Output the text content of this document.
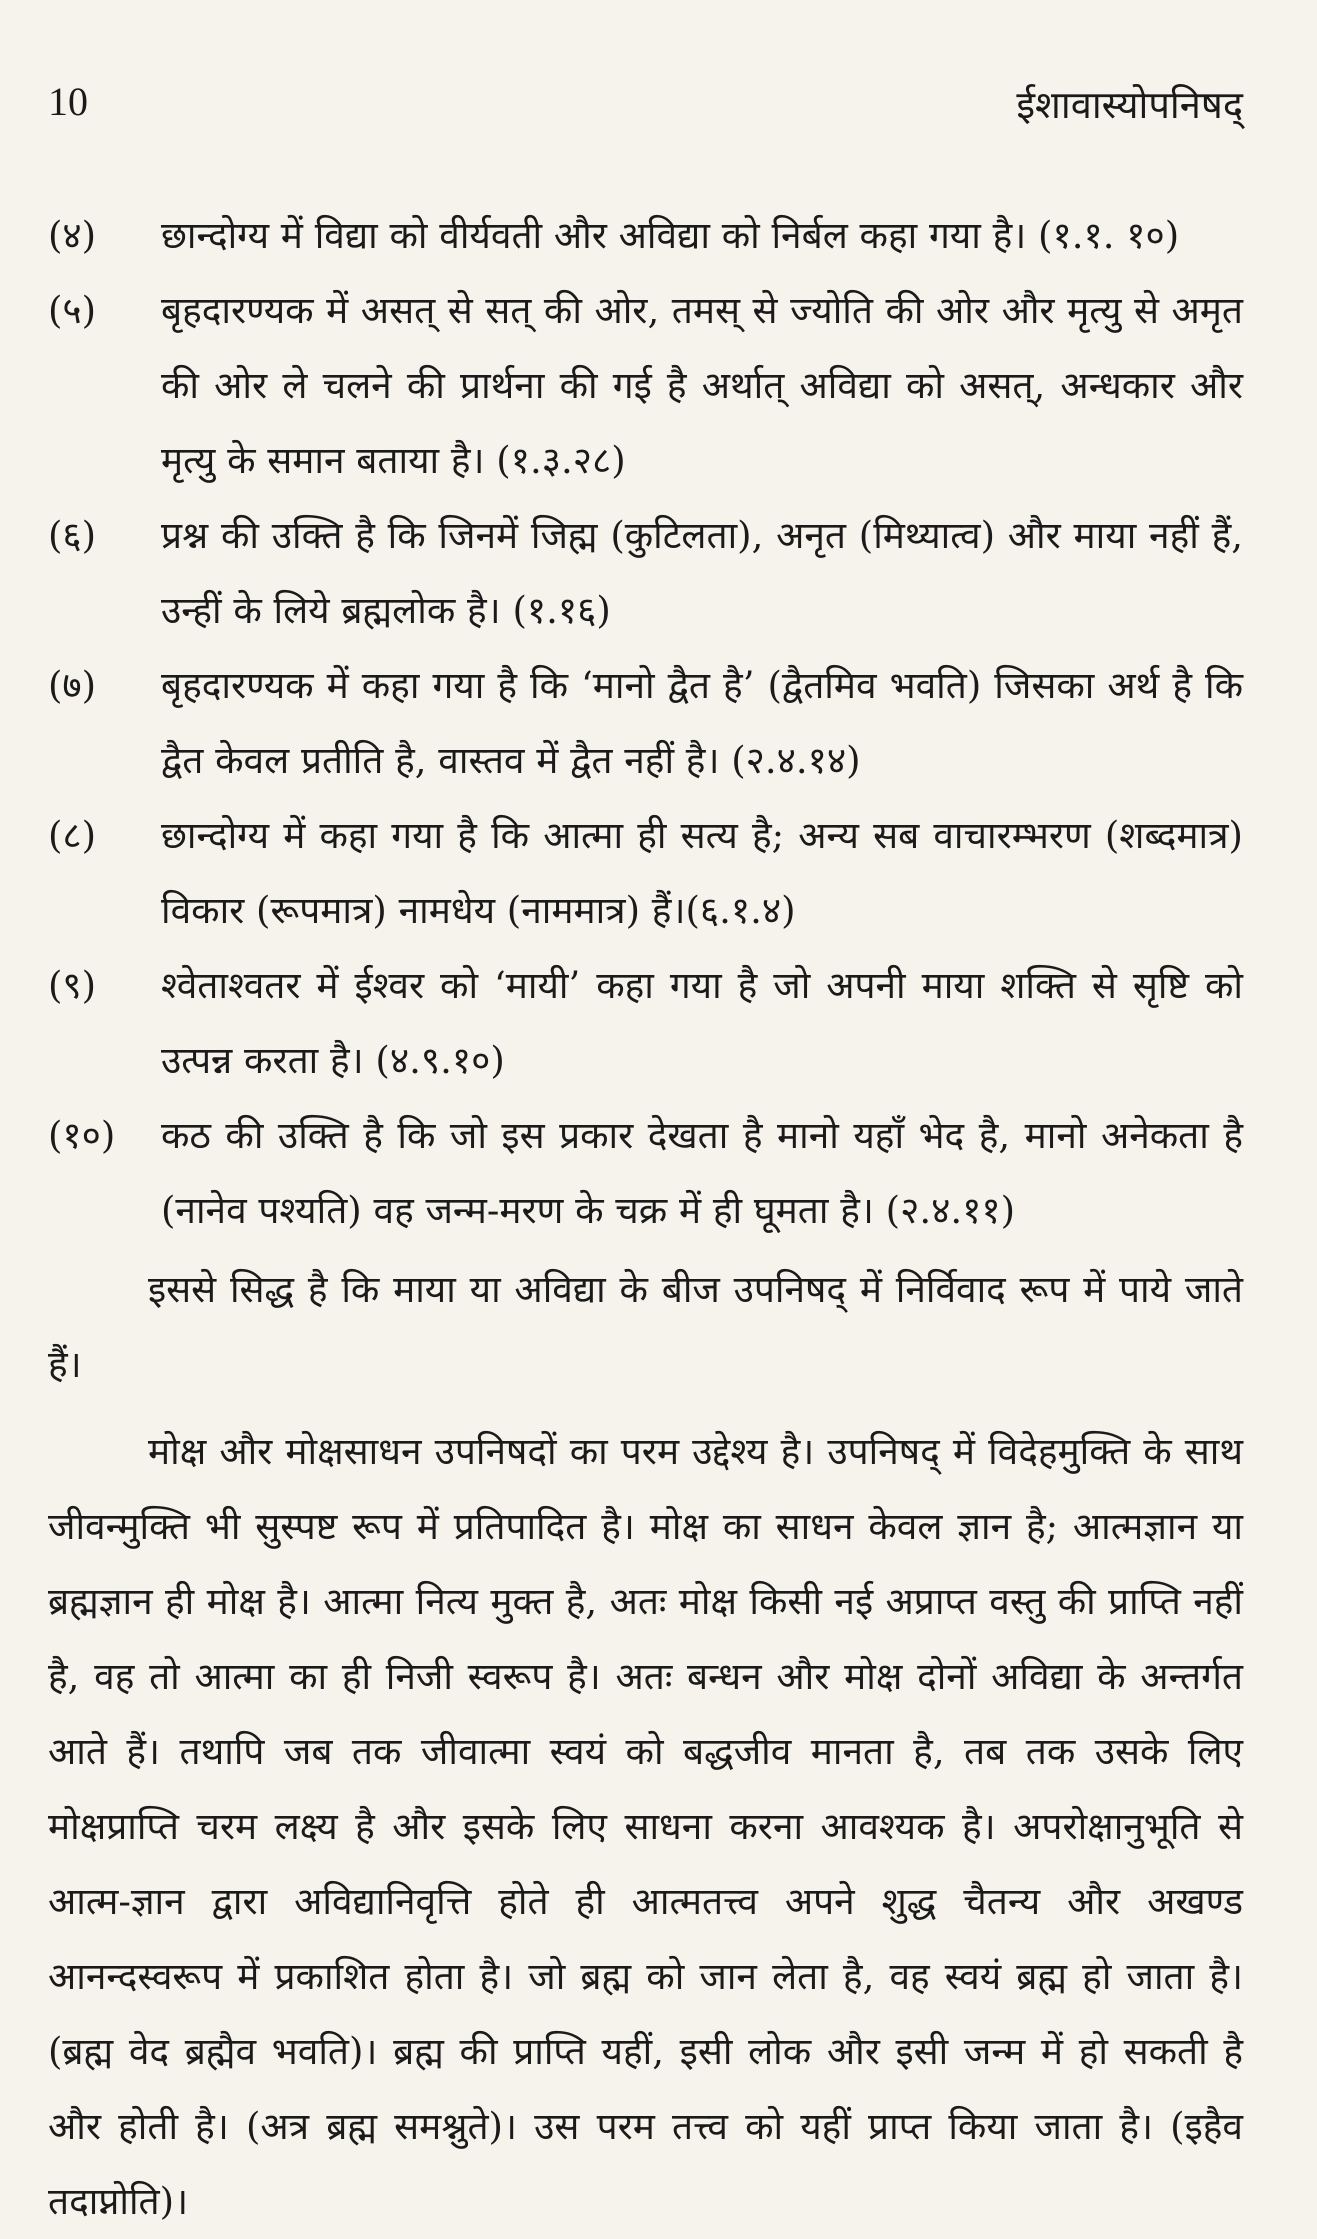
10	ईशावास्योपनिषद्
(४)	छान्दोग्य में विद्या को वीर्यवती और अविद्या को निर्बल कहा गया है। (१.१. १०)
(५)	बृहदारण्यक में असत् से सत् की ओर, तमस् से ज्योति की ओर और मृत्यु से अमृत की ओर ले चलने की प्रार्थना की गई है अर्थात् अविद्या को असत्, अन्धकार और मृत्यु के समान बताया है। (१.३.२८)
(६)	प्रश्न की उक्ति है कि जिनमें जिह्म (कुटिलता), अनृत (मिथ्यात्व) और माया नहीं हैं, उन्हीं के लिये ब्रह्मलोक है। (१.१६)
(७)	बृहदारण्यक में कहा गया है कि ‘मानो द्वैत है’ (द्वैतमिव भवति) जिसका अर्थ है कि द्वैत केवल प्रतीति है, वास्तव में द्वैत नहीं है। (२.४.१४)
(८)	छान्दोग्य में कहा गया है कि आत्मा ही सत्य है; अन्य सब वाचारम्भरण (शब्दमात्र) विकार (रूपमात्र) नामधेय (नाममात्र) हैं।(६.१.४)
(९)	श्वेताश्वतर में ईश्वर को ‘मायी’ कहा गया है जो अपनी माया शक्ति से सृष्टि को उत्पन्न करता है। (४.९.१०)
(१०)	कठ की उक्ति है कि जो इस प्रकार देखता है मानो यहाँ भेद है, मानो अनेकता है (नानेव पश्यति) वह जन्म-मरण के चक्र में ही घूमता है। (२.४.११)

इससे सिद्ध है कि माया या अविद्या के बीज उपनिषद् में निर्विवाद रूप में पाये जाते हैं।

मोक्ष और मोक्षसाधन उपनिषदों का परम उद्देश्य है। उपनिषद् में विदेहमुक्ति के साथ जीवन्मुक्ति भी सुस्पष्ट रूप में प्रतिपादित है। मोक्ष का साधन केवल ज्ञान है; आत्मज्ञान या ब्रह्मज्ञान ही मोक्ष है। आत्मा नित्य मुक्त है, अतः मोक्ष किसी नई अप्राप्त वस्तु की प्राप्ति नहीं है, वह तो आत्मा का ही निजी स्वरूप है। अतः बन्धन और मोक्ष दोनों अविद्या के अन्तर्गत आते हैं। तथापि जब तक जीवात्मा स्वयं को बद्धजीव मानता है, तब तक उसके लिए मोक्षप्राप्ति चरम लक्ष्य है और इसके लिए साधना करना आवश्यक है। अपरोक्षानुभूति से आत्म-ज्ञान द्वारा अविद्यानिवृत्ति होते ही आत्मतत्त्व अपने शुद्ध चैतन्य और अखण्ड आनन्दस्वरूप में प्रकाशित होता है। जो ब्रह्म को जान लेता है, वह स्वयं ब्रह्म हो जाता है। (ब्रह्म वेद ब्रह्मैव भवति)। ब्रह्म की प्राप्ति यहीं, इसी लोक और इसी जन्म में हो सकती है और होती है। (अत्र ब्रह्म समश्नुते)। उस परम तत्त्व को यहीं प्राप्त किया जाता है। (इहैव तदाप्नोति)।
